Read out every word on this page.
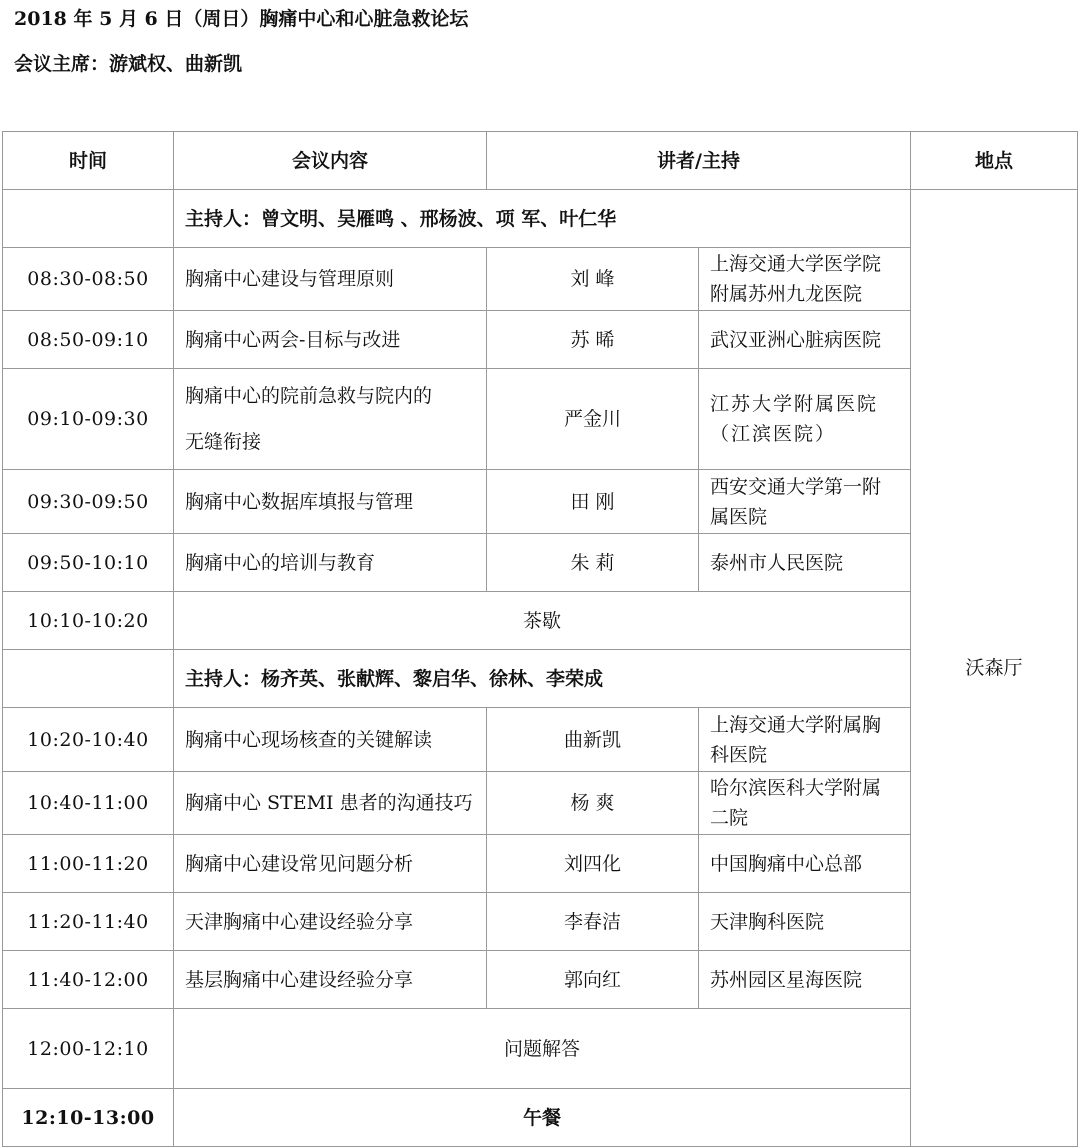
2018 年 5 月 6 日（周日）胸痛中心和心脏急救论坛
会议主席：游斌权、曲新凯
时间	会议内容	讲者/主持		地点
	主持人：曾文明、吴雁鸣 、邢杨波、项 军、叶仁华			沃森厅
08:30-08:50	胸痛中心建设与管理原则	刘 峰	上海交通大学医学院
附属苏州九龙医院	

08:50-09:10	胸痛中心两会-目标与改进	苏 晞	武汉亚洲心脏病医院	
09:10-09:30	胸痛中心的院前急救与院内的
无缝衔接	严金川	江苏大学附属医院
（江滨医院）	

09:30-09:50	胸痛中心数据库填报与管理	田 刚	西安交通大学第一附
属医院	

09:50-10:10	胸痛中心的培训与教育	朱 莉	泰州市人民医院	
10:10-10:20	茶歇			
	主持人：杨齐英、张献辉、黎启华、徐林、李荣成			
10:20-10:40	胸痛中心现场核查的关键解读	曲新凯	上海交通大学附属胸
科医院	

10:40-11:00	胸痛中心 STEMI 患者的沟通技巧	杨 爽	哈尔滨医科大学附属
二院	

11:00-11:20	胸痛中心建设常见问题分析	刘四化	中国胸痛中心总部	
11:20-11:40	天津胸痛中心建设经验分享	李春洁	天津胸科医院	
11:40-12:00	基层胸痛中心建设经验分享	郭向红	苏州园区星海医院	
12:00-12:10	问题解答			
12:10-13:00	午餐			
